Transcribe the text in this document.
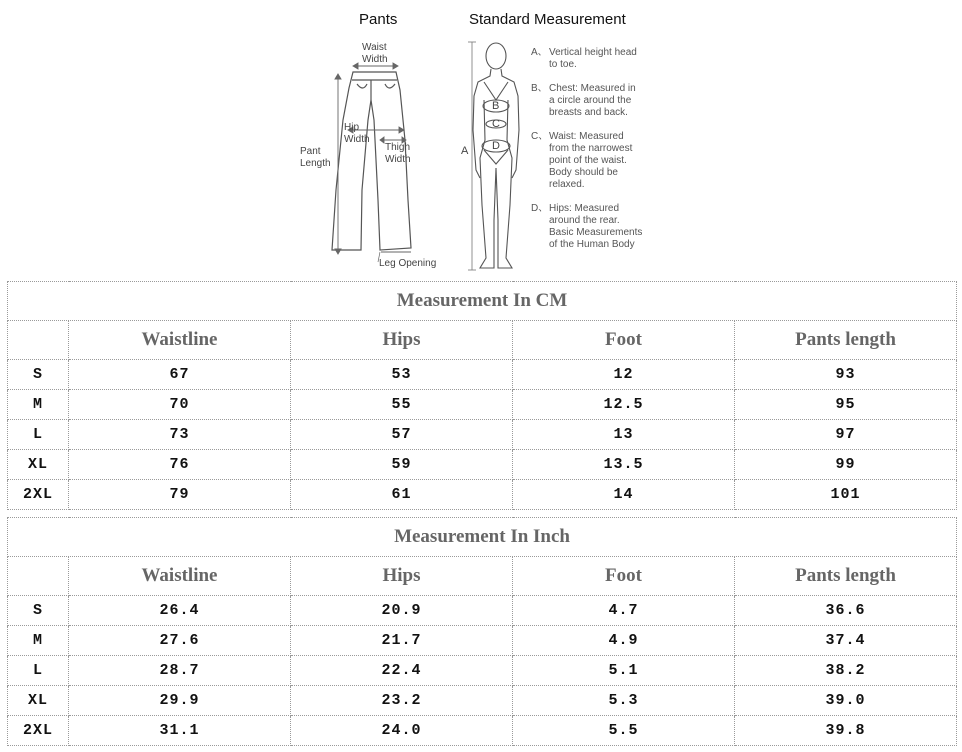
Pants	Standard Measurement
Waist
Width
Hip
Width
Pant
Length
Thigh
Width
Leg Opening
A
B
C
D
A、 Vertical height head to toe.
B、 Chest: Measured in a circle around the breasts and back.
C、 Waist: Measured from the narrowest point of the waist. Body should be relaxed.
D、 Hips: Measured around the rear. Basic Measurements of the Human Body
Measurement In CM				
	Waistline	Hips	Foot	Pants length
S	67	53	12	93
M	70	55	12.5	95
L	73	57	13	97
XL	76	59	13.5	99
2XL	79	61	14	101
Measurement In Inch				
	Waistline	Hips	Foot	Pants length
S	26.4	20.9	4.7	36.6
M	27.6	21.7	4.9	37.4
L	28.7	22.4	5.1	38.2
XL	29.9	23.2	5.3	39.0
2XL	31.1	24.0	5.5	39.8
